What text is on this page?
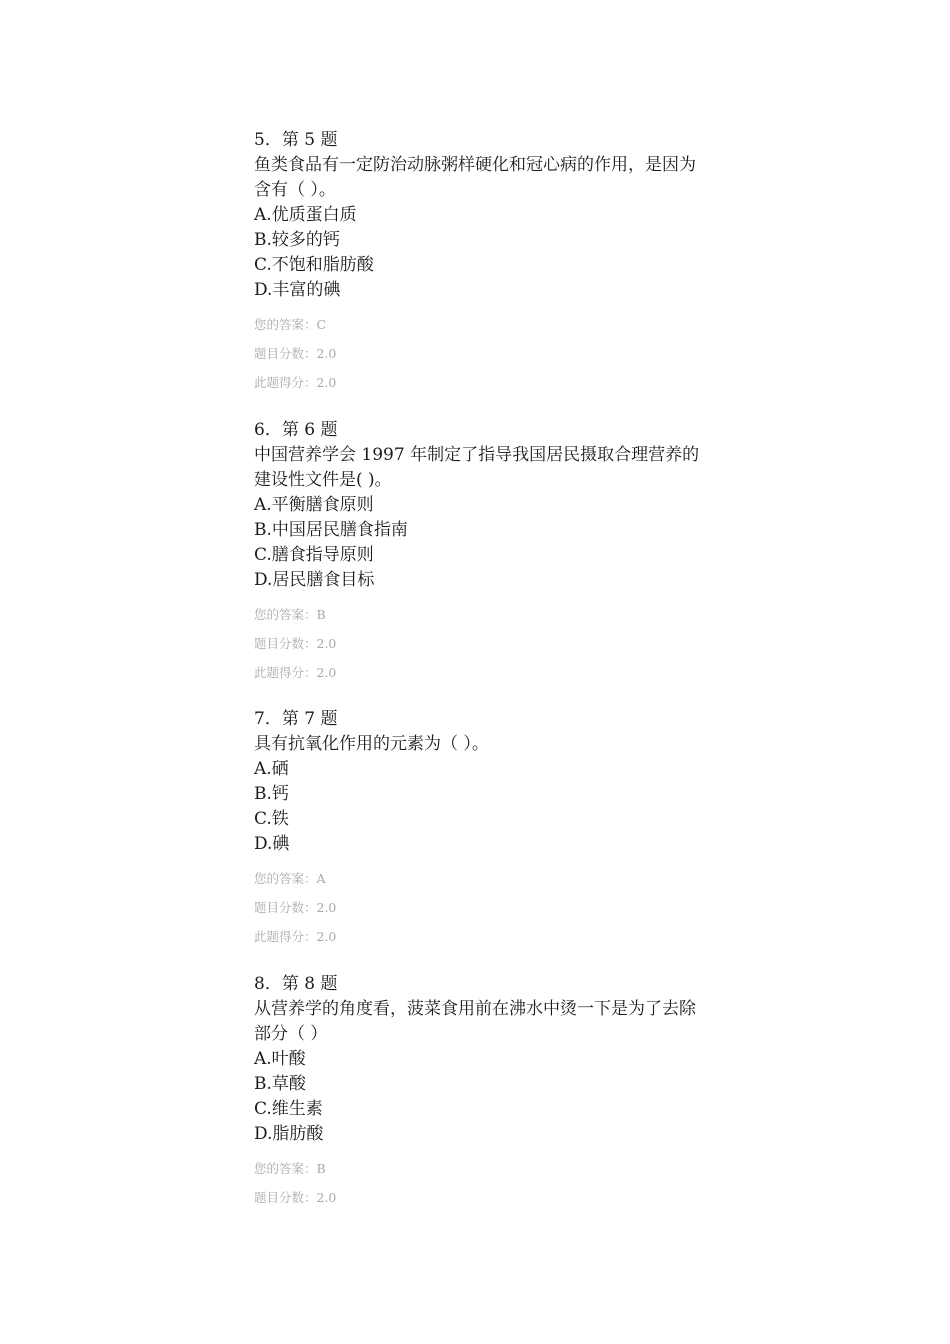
5．第 5 题
鱼类食品有一定防治动脉粥样硬化和冠心病的作用，是因为含有（ ）。
A.优质蛋白质
B.较多的钙
C.不饱和脂肪酸
D.丰富的碘

您的答案：C

题目分数：2.0

此题得分：2.0

6．第 6 题
中国营养学会 1997 年制定了指导我国居民摄取合理营养的建设性文件是( )。
A.平衡膳食原则
B.中国居民膳食指南
C.膳食指导原则
D.居民膳食目标

您的答案：B

题目分数：2.0

此题得分：2.0

7．第 7 题
具有抗氧化作用的元素为（ ）。
A.硒
B.钙
C.铁
D.碘

您的答案：A

题目分数：2.0

此题得分：2.0

8．第 8 题
从营养学的角度看，菠菜食用前在沸水中烫一下是为了去除部分（ ）
A.叶酸
B.草酸
C.维生素
D.脂肪酸

您的答案：B

题目分数：2.0
